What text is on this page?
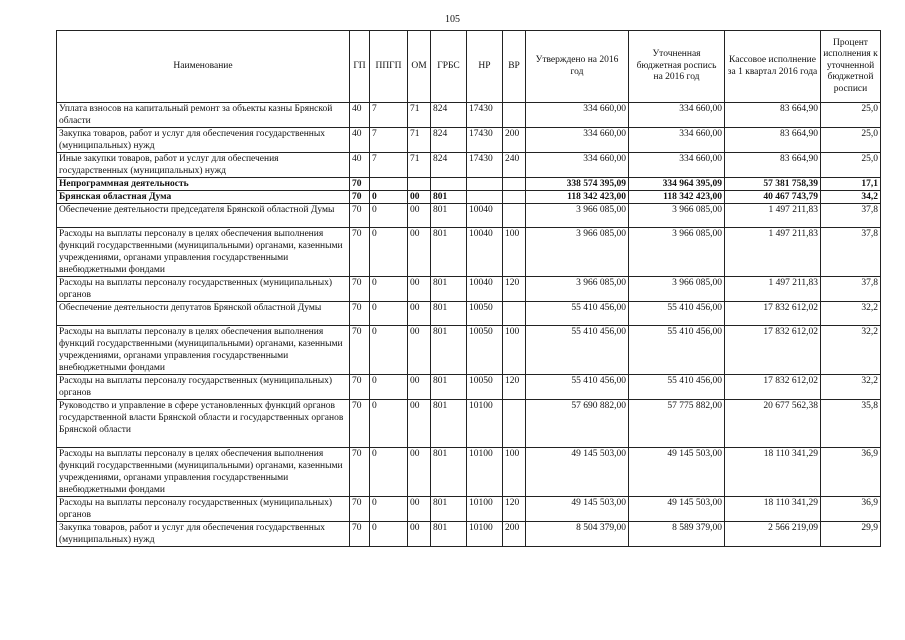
105
Наименование	ГП	ППГП	ОМ	ГРБС	НР	ВР	Утверждено на 2016 год	Уточненная бюджетная роспись на 2016 год	Кассовое исполнение за 1 квартал 2016 года	Процент исполнения к уточненной бюджетной росписи
Уплата взносов на капитальный ремонт за объекты казны Брянской области	40	7	71	824	17430		334 660,00	334 660,00	83 664,90	25,0
Закупка товаров, работ и услуг для обеспечения государственных (муниципальных) нужд	40	7	71	824	17430	200	334 660,00	334 660,00	83 664,90	25,0
Иные закупки товаров, работ и услуг для обеспечения государственных (муниципальных) нужд	40	7	71	824	17430	240	334 660,00	334 660,00	83 664,90	25,0
Непрограммная деятельность	70						338 574 395,09	334 964 395,09	57 381 758,39	17,1
Брянская областная Дума	70	0	00	801			118 342 423,00	118 342 423,00	40 467 743,79	34,2
Обеспечение деятельности председателя Брянской областной Думы	70	0	00	801	10040		3 966 085,00	3 966 085,00	1 497 211,83	37,8
Расходы на выплаты персоналу в целях обеспечения выполнения функций государственными (муниципальными) органами, казенными учреждениями, органами управления государственными внебюджетными фондами	70	0	00	801	10040	100	3 966 085,00	3 966 085,00	1 497 211,83	37,8
Расходы на выплаты персоналу государственных (муниципальных) органов	70	0	00	801	10040	120	3 966 085,00	3 966 085,00	1 497 211,83	37,8
Обеспечение деятельности депутатов Брянской областной Думы	70	0	00	801	10050		55 410 456,00	55 410 456,00	17 832 612,02	32,2
Расходы на выплаты персоналу в целях обеспечения выполнения функций государственными (муниципальными) органами, казенными учреждениями, органами управления государственными внебюджетными фондами	70	0	00	801	10050	100	55 410 456,00	55 410 456,00	17 832 612,02	32,2
Расходы на выплаты персоналу государственных (муниципальных) органов	70	0	00	801	10050	120	55 410 456,00	55 410 456,00	17 832 612,02	32,2
Руководство и управление в сфере установленных функций органов государственной власти Брянской области и государственных органов Брянской области	70	0	00	801	10100		57 690 882,00	57 775 882,00	20 677 562,38	35,8
Расходы на выплаты персоналу в целях обеспечения выполнения функций государственными (муниципальными) органами, казенными учреждениями, органами управления государственными внебюджетными фондами	70	0	00	801	10100	100	49 145 503,00	49 145 503,00	18 110 341,29	36,9
Расходы на выплаты персоналу государственных (муниципальных) органов	70	0	00	801	10100	120	49 145 503,00	49 145 503,00	18 110 341,29	36,9
Закупка товаров, работ и услуг для обеспечения государственных (муниципальных) нужд	70	0	00	801	10100	200	8 504 379,00	8 589 379,00	2 566 219,09	29,9
